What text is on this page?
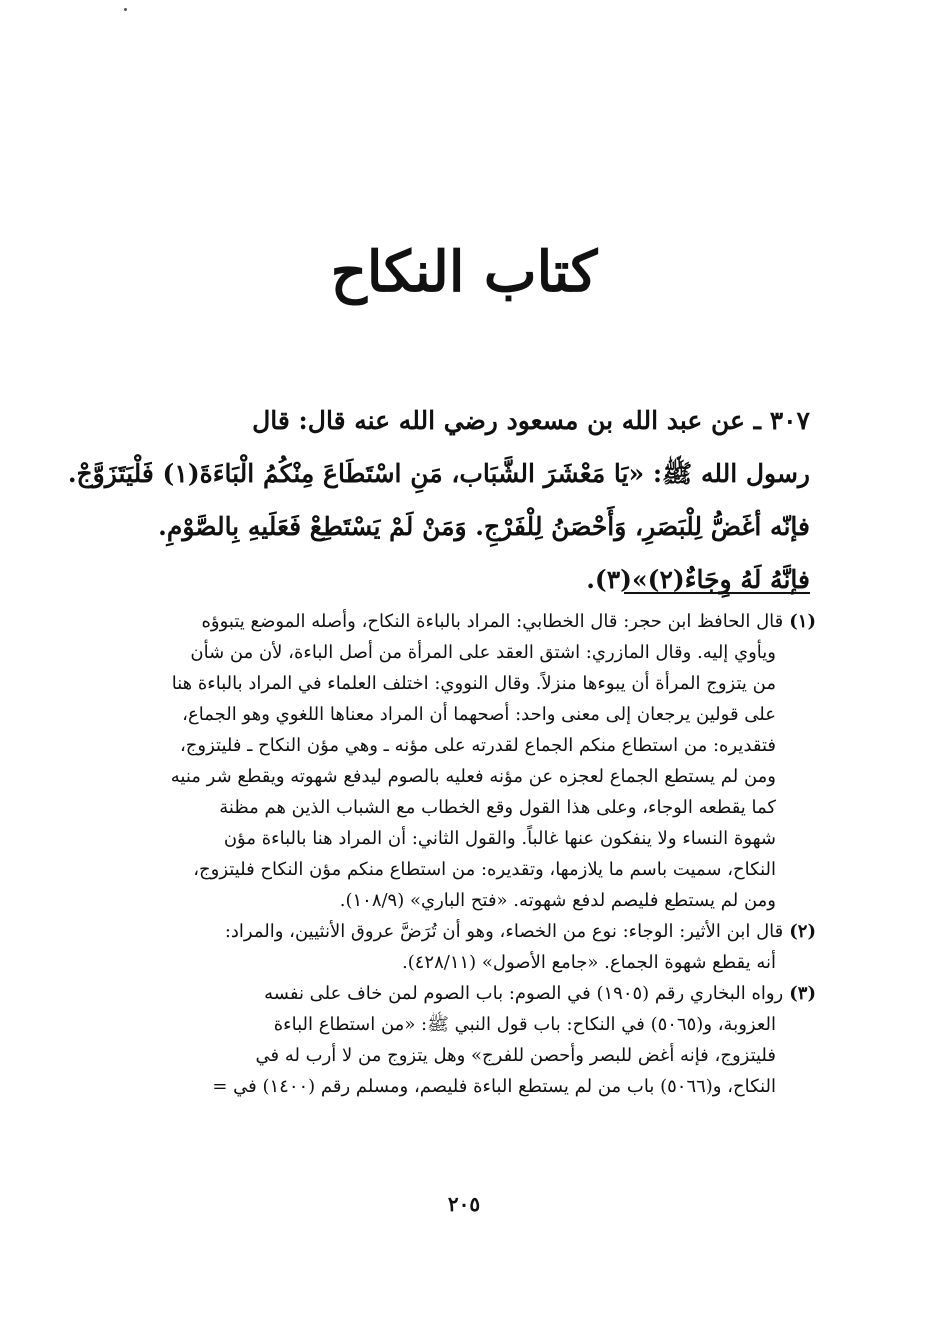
كتاب النكاح
٣٠٧ ـ عن عبد الله بن مسعود رضي الله عنه قال: قال
رسول الله ﷺ: «يَا مَعْشَرَ الشَّبَاب، مَنِ اسْتَطَاعَ مِنْكُمُ الْبَاءَةَ(١) فَلْيَتَزَوَّجْ.
فإنّه أغَضُّ لِلْبَصَرِ، وَأَحْصَنُ لِلْفَرْجِ. وَمَنْ لَمْ يَسْتَطِعْ فَعَلَيهِ بِالصَّوْمِ.
فإنَّهُ لَهُ وِجَاءٌ(٢)»(٣).
(١)قال الحافظ ابن حجر: قال الخطابي: المراد بالباءة النكاح، وأصله الموضع يتبوؤه
ويأوي إليه. وقال المازري: اشتق العقد على المرأة من أصل الباءة، لأن من شأن
من يتزوج المرأة أن يبوءها منزلاً. وقال النووي: اختلف العلماء في المراد بالباءة هنا
على قولين يرجعان إلى معنى واحد: أصحهما أن المراد معناها اللغوي وهو الجماع،
فتقديره: من استطاع منكم الجماع لقدرته على مؤنه ـ وهي مؤن النكاح ـ فليتزوج،
ومن لم يستطع الجماع لعجزه عن مؤنه فعليه بالصوم ليدفع شهوته ويقطع شر منيه
كما يقطعه الوجاء، وعلى هذا القول وقع الخطاب مع الشباب الذين هم مظنة
شهوة النساء ولا ينفكون عنها غالباً. والقول الثاني: أن المراد هنا بالباءة مؤن
النكاح، سميت باسم ما يلازمها، وتقديره: من استطاع منكم مؤن النكاح فليتزوج،
ومن لم يستطع فليصم لدفع شهوته. «فتح الباري» (١٠٨/٩).
(٢)قال ابن الأثير: الوجاء: نوع من الخصاء، وهو أن تُرَضَّ عروق الأنثيين، والمراد:
أنه يقطع شهوة الجماع. «جامع الأصول» (٤٢٨/١١).
(٣)رواه البخاري رقم (١٩٠٥) في الصوم: باب الصوم لمن خاف على نفسه
العزوبة، و(٥٠٦٥) في النكاح: باب قول النبي ﷺ: «من استطاع الباءة
فليتزوج، فإنه أغض للبصر وأحصن للفرج» وهل يتزوج من لا أرب له في
النكاح، و(٥٠٦٦) باب من لم يستطع الباءة فليصم، ومسلم رقم (١٤٠٠) في =
٢٠٥
